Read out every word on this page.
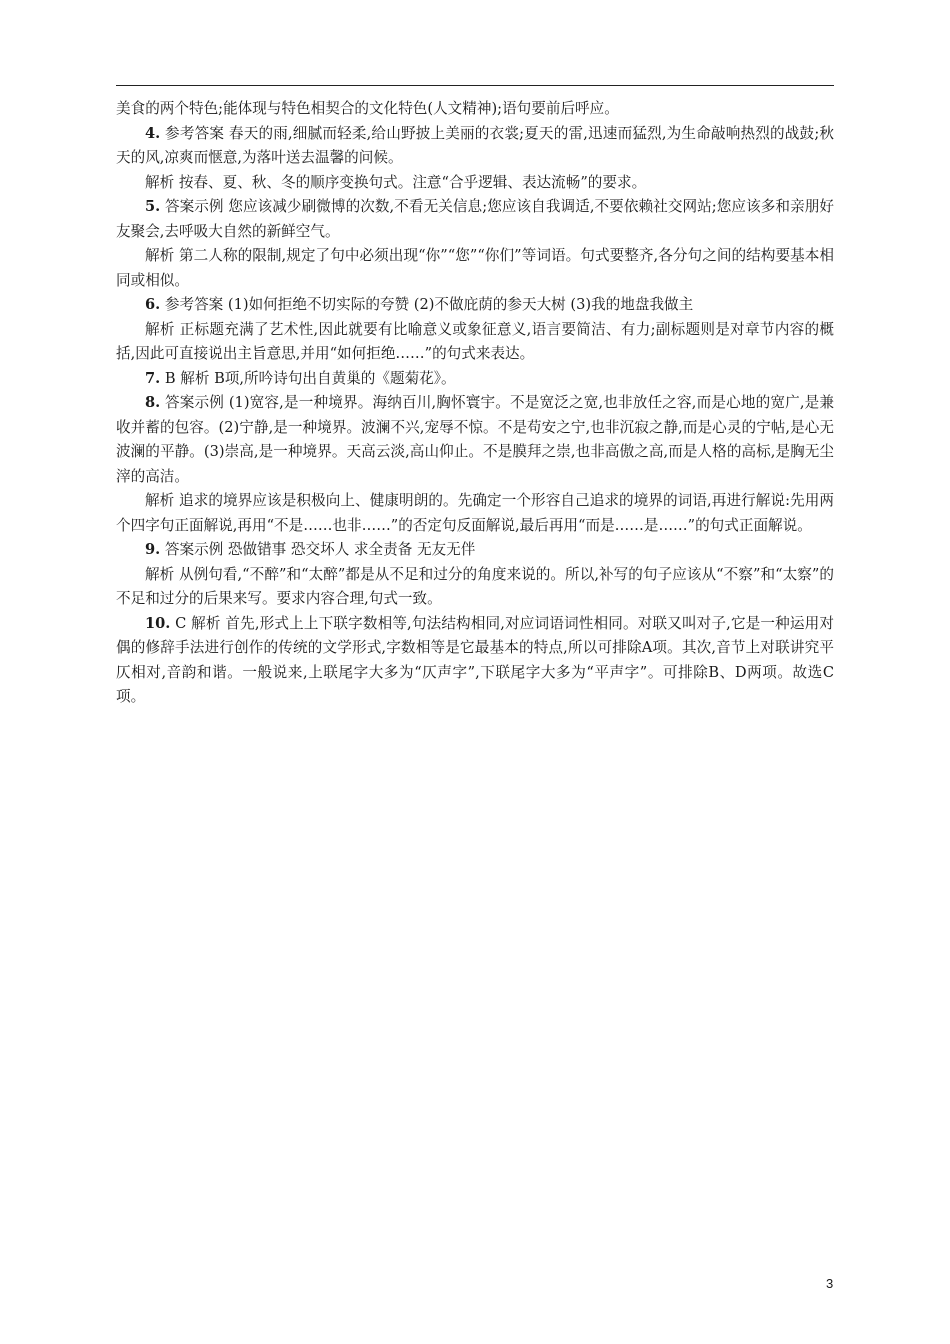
美食的两个特色;能体现与特色相契合的文化特色(人文精神);语句要前后呼应。

4. 参考答案 春天的雨,细腻而轻柔,给山野披上美丽的衣裳;夏天的雷,迅速而猛烈,为生命敲响热烈的战鼓;秋天的风,凉爽而惬意,为落叶送去温馨的问候。

解析 按春、夏、秋、冬的顺序变换句式。注意“合乎逻辑、表达流畅”的要求。

5. 答案示例 您应该减少刷微博的次数,不看无关信息;您应该自我调适,不要依赖社交网站;您应该多和亲朋好友聚会,去呼吸大自然的新鲜空气。

解析 第二人称的限制,规定了句中必须出现“你”“您”“你们”等词语。句式要整齐,各分句之间的结构要基本相同或相似。

6. 参考答案 (1)如何拒绝不切实际的夸赞 (2)不做庇荫的参天大树 (3)我的地盘我做主

解析 正标题充满了艺术性,因此就要有比喻意义或象征意义,语言要简洁、有力;副标题则是对章节内容的概括,因此可直接说出主旨意思,并用“如何拒绝……”的句式来表达。

7. B 解析 B项,所吟诗句出自黄巢的《题菊花》。

8. 答案示例 (1)宽容,是一种境界。海纳百川,胸怀寰宇。不是宽泛之宽,也非放任之容,而是心地的宽广,是兼收并蓄的包容。(2)宁静,是一种境界。波澜不兴,宠辱不惊。不是苟安之宁,也非沉寂之静,而是心灵的宁帖,是心无波澜的平静。(3)崇高,是一种境界。天高云淡,高山仰止。不是膜拜之崇,也非高傲之高,而是人格的高标,是胸无尘滓的高洁。

解析 追求的境界应该是积极向上、健康明朗的。先确定一个形容自己追求的境界的词语,再进行解说:先用两个四字句正面解说,再用“不是……也非……”的否定句反面解说,最后再用“而是……是……”的句式正面解说。

9. 答案示例 恐做错事 恐交坏人 求全责备 无友无伴

解析 从例句看,“不醉”和“太醉”都是从不足和过分的角度来说的。所以,补写的句子应该从“不察”和“太察”的不足和过分的后果来写。要求内容合理,句式一致。

10. C 解析 首先,形式上上下联字数相等,句法结构相同,对应词语词性相同。对联又叫对子,它是一种运用对偶的修辞手法进行创作的传统的文学形式,字数相等是它最基本的特点,所以可排除A项。其次,音节上对联讲究平仄相对,音韵和谐。一般说来,上联尾字大多为“仄声字”,下联尾字大多为“平声字”。可排除B、D两项。故选C项。

3
